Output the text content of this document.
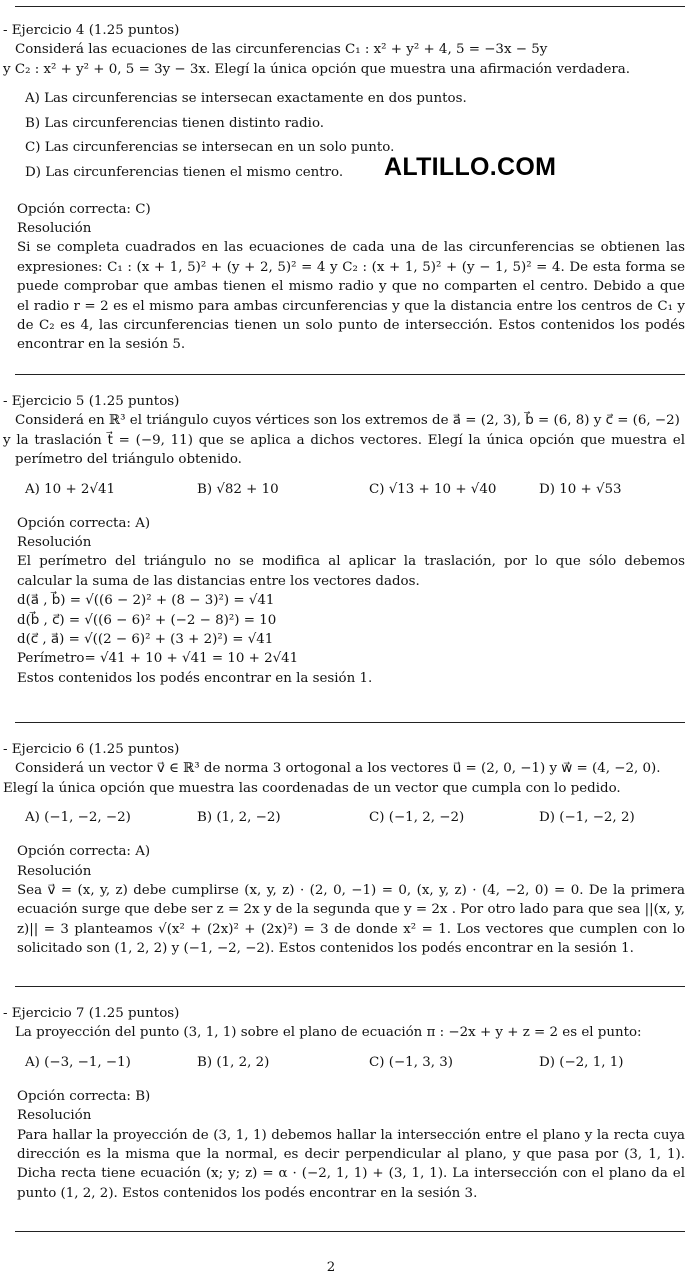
- Ejercicio 4 (1.25 puntos)

Considerá las ecuaciones de las circunferencias C₁ : x² + y² + 4, 5 = −3x − 5y
y C₂ : x² + y² + 0, 5 = 3y − 3x. Elegí la única opción que muestra una afirmación verdadera.

A) Las circunferencias se intersecan exactamente en dos puntos.
B) Las circunferencias tienen distinto radio.
C) Las circunferencias se intersecan en un solo punto.
D) Las circunferencias tienen el mismo centro.

Opción correcta: C)

Resolución

Si se completa cuadrados en las ecuaciones de cada una de las circunferencias se obtienen las expresiones: C₁ : (x + 1, 5)² + (y + 2, 5)² = 4 y C₂ : (x + 1, 5)² + (y − 1, 5)² = 4. De esta forma se puede comprobar que ambas tienen el mismo radio y que no comparten el centro. Debido a que el radio r = 2 es el mismo para ambas circunferencias y que la distancia entre los centros de C₁ y de C₂ es 4, las circunferencias tienen un solo punto de intersección. Estos contenidos los podés encontrar en la sesión 5.

ALTILLO.COM

- Ejercicio 5 (1.25 puntos)

Considerá en ℝ³ el triángulo cuyos vértices son los extremos de a⃗ = (2, 3), b⃗ = (6, 8) y c⃗ = (6, −2)
y la traslación t⃗ = (−9, 11) que se aplica a dichos vectores. Elegí la única opción que muestra el perímetro del triángulo obtenido.

A) 10 + 2√41	B) √82 + 10	C) √13 + 10 + √40	D) 10 + √53

Opción correcta: A)

Resolución

El perímetro del triángulo no se modifica al aplicar la traslación, por lo que sólo debemos calcular la suma de las distancias entre los vectores dados.

d(a⃗ , b⃗) = √((6 − 2)² + (8 − 3)²) = √41

d(b⃗ , c⃗) = √((6 − 6)² + (−2 − 8)²) = 10

d(c⃗ , a⃗) = √((2 − 6)² + (3 + 2)²) = √41

Perímetro= √41 + 10 + √41 = 10 + 2√41

Estos contenidos los podés encontrar en la sesión 1.

- Ejercicio 6 (1.25 puntos)

Considerá un vector v⃗ ∈ ℝ³ de norma 3 ortogonal a los vectores u⃗ = (2, 0, −1) y w⃗ = (4, −2, 0).
Elegí la única opción que muestra las coordenadas de un vector que cumpla con lo pedido.

A) (−1, −2, −2)	B) (1, 2, −2)	C) (−1, 2, −2)	D) (−1, −2, 2)

Opción correcta: A)

Resolución

Sea v⃗ = (x, y, z) debe cumplirse (x, y, z) · (2, 0, −1) = 0, (x, y, z) · (4, −2, 0) = 0. De la primera ecuación surge que debe ser z = 2x y de la segunda que y = 2x . Por otro lado para que sea ||(x, y, z)|| = 3 planteamos √(x² + (2x)² + (2x)²) = 3 de donde x² = 1. Los vectores que cumplen con lo solicitado son (1, 2, 2) y (−1, −2, −2). Estos contenidos los podés encontrar en la sesión 1.

- Ejercicio 7 (1.25 puntos)

La proyección del punto (3, 1, 1) sobre el plano de ecuación π : −2x + y + z = 2 es el punto:

A) (−3, −1, −1)	B) (1, 2, 2)	C) (−1, 3, 3)	D) (−2, 1, 1)

Opción correcta: B)

Resolución

Para hallar la proyección de (3, 1, 1) debemos hallar la intersección entre el plano y la recta cuya dirección es la misma que la normal, es decir perpendicular al plano, y que pasa por (3, 1, 1). Dicha recta tiene ecuación (x; y; z) = α · (−2, 1, 1) + (3, 1, 1). La intersección con el plano da el punto (1, 2, 2). Estos contenidos los podés encontrar en la sesión 3.

2
